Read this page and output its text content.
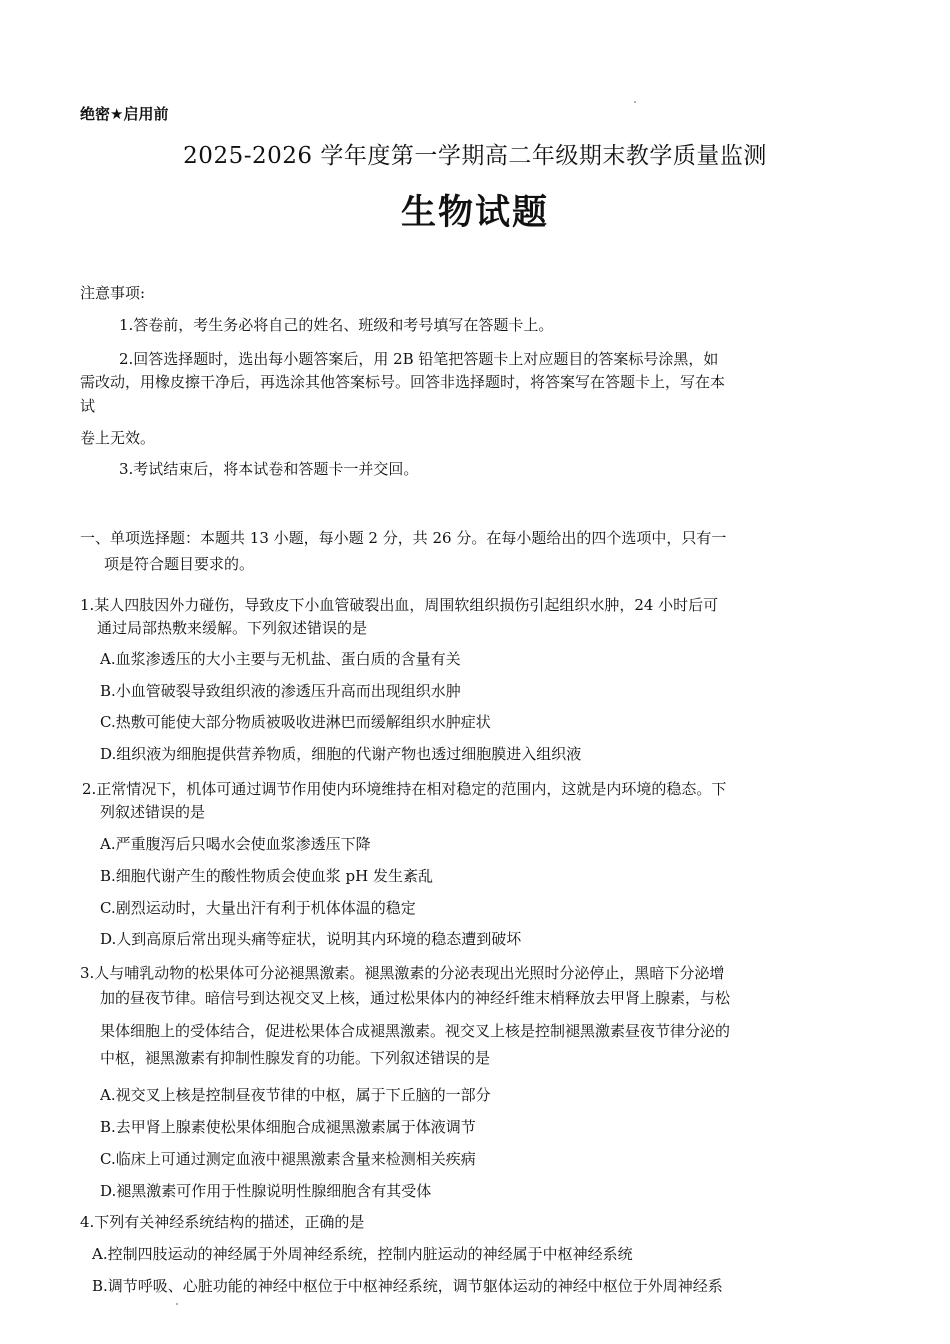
绝密★启用前
2025-2026 学年度第一学期高二年级期末教学质量监测
生物试题
注意事项:
1.答卷前，考生务必将自己的姓名、班级和考号填写在答题卡上。
2.回答选择题时，选出每小题答案后，用 2B 铅笔把答题卡上对应题目的答案标号涂黑，如
需改动，用橡皮擦干净后，再选涂其他答案标号。回答非选择题时，将答案写在答题卡上，写在本
试
卷上无效。
3.考试结束后，将本试卷和答题卡一并交回。
一、单项选择题：本题共 13 小题，每小题 2 分，共 26 分。在每小题给出的四个选项中，只有一
项是符合题目要求的。
1.某人四肢因外力碰伤，导致皮下小血管破裂出血，周围软组织损伤引起组织水肿，24 小时后可
通过局部热敷来缓解。下列叙述错误的是
A.血浆渗透压的大小主要与无机盐、蛋白质的含量有关
B.小血管破裂导致组织液的渗透压升高而出现组织水肿
C.热敷可能使大部分物质被吸收进淋巴而缓解组织水肿症状
D.组织液为细胞提供营养物质，细胞的代谢产物也透过细胞膜进入组织液
2.正常情况下，机体可通过调节作用使内环境维持在相对稳定的范围内，这就是内环境的稳态。下
列叙述错误的是
A.严重腹泻后只喝水会使血浆渗透压下降
B.细胞代谢产生的酸性物质会使血浆 pH 发生紊乱
C.剧烈运动时，大量出汗有利于机体体温的稳定
D.人到高原后常出现头痛等症状，说明其内环境的稳态遭到破坏
3.人与哺乳动物的松果体可分泌褪黑激素。褪黑激素的分泌表现出光照时分泌停止，黑暗下分泌增
加的昼夜节律。暗信号到达视交叉上核，通过松果体内的神经纤维末梢释放去甲肾上腺素，与松
果体细胞上的受体结合，促进松果体合成褪黑激素。视交叉上核是控制褪黑激素昼夜节律分泌的
中枢，褪黑激素有抑制性腺发育的功能。下列叙述错误的是
A.视交叉上核是控制昼夜节律的中枢，属于下丘脑的一部分
B.去甲肾上腺素使松果体细胞合成褪黑激素属于体液调节
C.临床上可通过测定血液中褪黑激素含量来检测相关疾病
D.褪黑激素可作用于性腺说明性腺细胞含有其受体
4.下列有关神经系统结构的描述，正确的是
A.控制四肢运动的神经属于外周神经系统，控制内脏运动的神经属于中枢神经系统
B.调节呼吸、心脏功能的神经中枢位于中枢神经系统，调节躯体运动的神经中枢位于外周神经系
